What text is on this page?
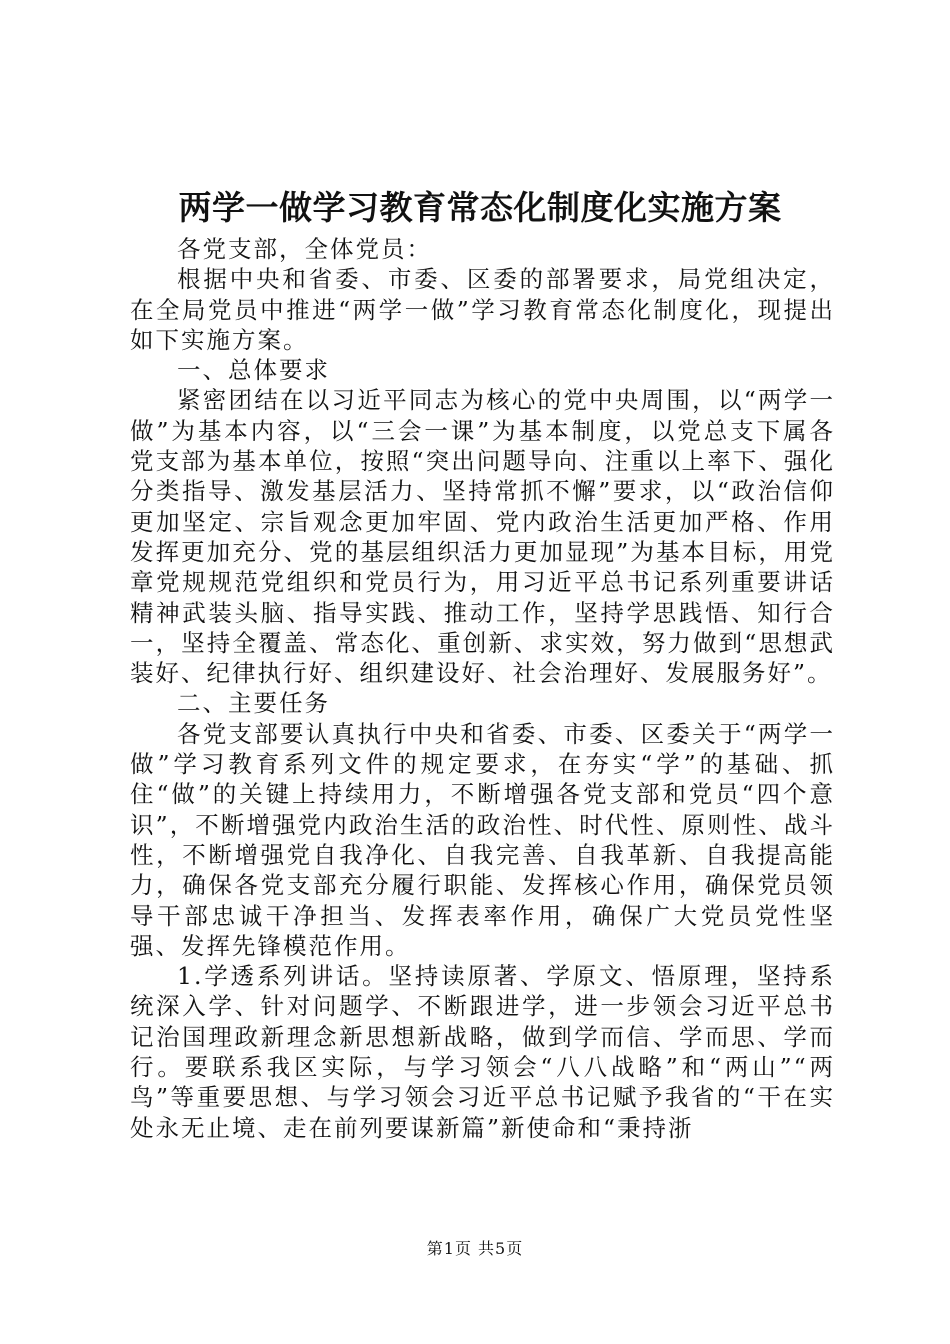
两学一做学习教育常态化制度化实施方案

各党支部，全体党员：

根据中央和省委、市委、区委的部署要求，局党组决定，在全局党员中推进“两学一做”学习教育常态化制度化，现提出如下实施方案。

一、总体要求

紧密团结在以习近平同志为核心的党中央周围，以“两学一做”为基本内容，以“三会一课”为基本制度，以党总支下属各党支部为基本单位，按照“突出问题导向、注重以上率下、强化分类指导、激发基层活力、坚持常抓不懈”要求，以“政治信仰更加坚定、宗旨观念更加牢固、党内政治生活更加严格、作用发挥更加充分、党的基层组织活力更加显现”为基本目标，用党章党规规范党组织和党员行为，用习近平总书记系列重要讲话精神武装头脑、指导实践、推动工作，坚持学思践悟、知行合一，坚持全覆盖、常态化、重创新、求实效，努力做到“思想武装好、纪律执行好、组织建设好、社会治理好、发展服务好”。

二、主要任务

各党支部要认真执行中央和省委、市委、区委关于“两学一做”学习教育系列文件的规定要求，在夯实“学”的基础、抓住“做”的关键上持续用力，不断增强各党支部和党员“四个意识”，不断增强党内政治生活的政治性、时代性、原则性、战斗性，不断增强党自我净化、自我完善、自我革新、自我提高能力，确保各党支部充分履行职能、发挥核心作用，确保党员领导干部忠诚干净担当、发挥表率作用，确保广大党员党性坚强、发挥先锋模范作用。

1.学透系列讲话。坚持读原著、学原文、悟原理，坚持系统深入学、针对问题学、不断跟进学，进一步领会习近平总书记治国理政新理念新思想新战略，做到学而信、学而思、学而行。要联系我区实际，与学习领会“八八战略”和“两山”“两鸟”等重要思想、与学习领会习近平总书记赋予我省的“干在实处永无止境、走在前列要谋新篇”新使命和“秉持浙

第1页 共5页
